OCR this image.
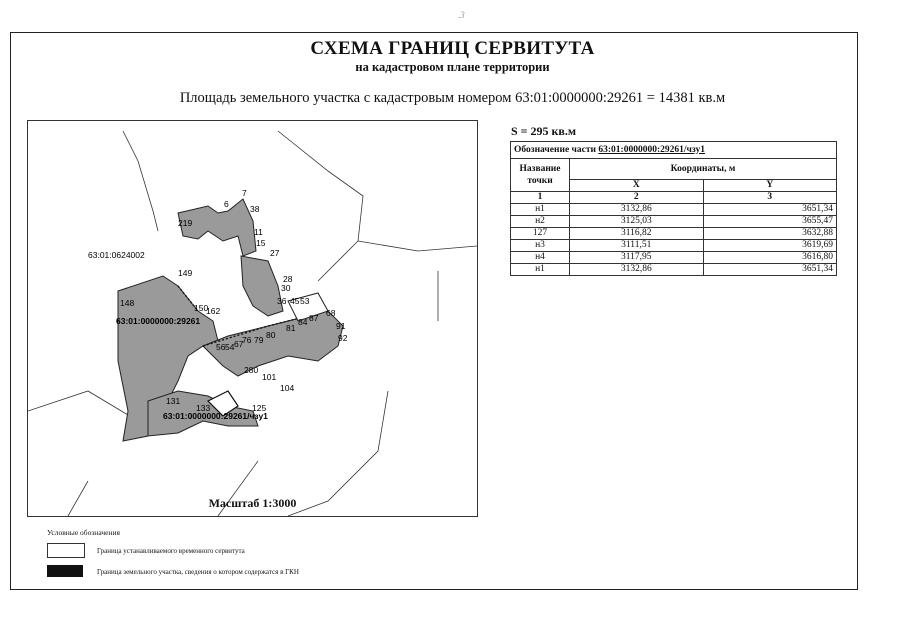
.3
СХЕМА ГРАНИЦ СЕРВИТУТА
на кадастровом плане территории
Площадь земельного участка с кадастровым номером 63:01:0000000:29261 = 14381 кв.м
63:01:0624002
63:01:0000000:29261
63:01:0000000:29261/чзу1
7
6	38
11
15
27
219
149
148	150
162
28
30
36 45 53
68
91
92
81
84 87
80
79
76
67
56 54
104
101
131
133
280
125
Масштаб 1:3000
S = 295 кв.м
Обозначение части 63:01:0000000:29261/чзу1		
Название точки	Координаты, м	
	X	Y
1	2	3
н1	3132,86	3651,34
н2	3125,03	3655,47
127	3116,82	3632,88
н3	3111,51	3619,69
н4	3117,95	3616,80
н1	3132,86	3651,34
Условные обозначения
Граница устанавливаемого временного сервитута
Граница земельного участка, сведения о котором содержатся в ГКН
